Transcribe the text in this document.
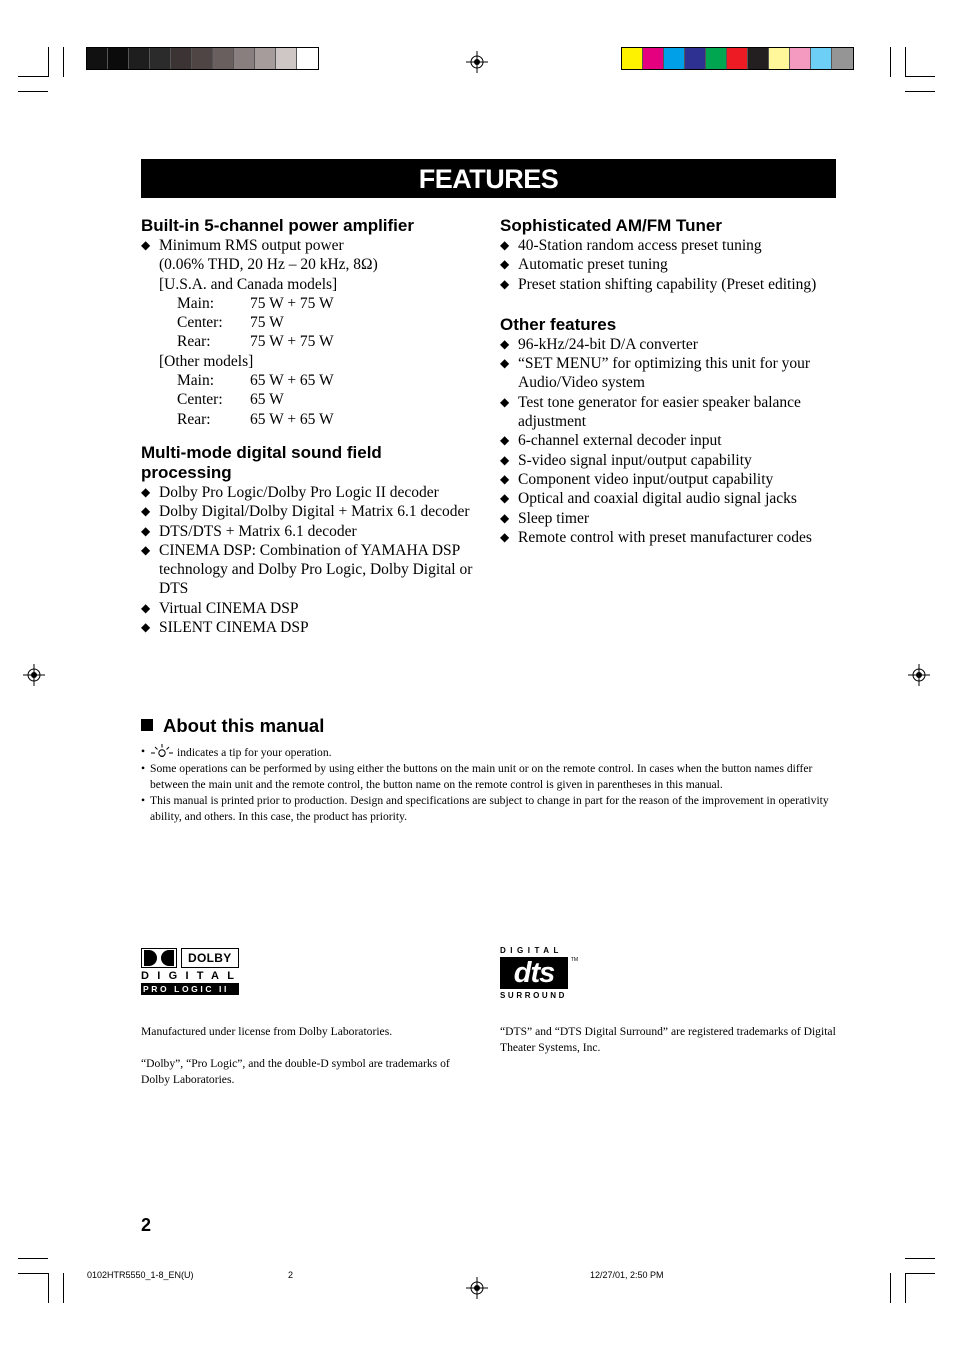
FEATURES
Built-in 5-channel power amplifier
◆ Minimum RMS output power
(0.06% THD, 20 Hz – 20 kHz, 8Ω)
[U.S.A. and Canada models]
Main:	75 W + 75 W
Center:	75 W
Rear:	75 W + 75 W
[Other models]
Main:	65 W + 65 W
Center:	65 W
Rear:	65 W + 65 W
Multi-mode digital sound field processing
◆ Dolby Pro Logic/Dolby Pro Logic II decoder
◆ Dolby Digital/Dolby Digital + Matrix 6.1 decoder
◆ DTS/DTS + Matrix 6.1 decoder
◆ CINEMA DSP: Combination of YAMAHA DSP technology and Dolby Pro Logic, Dolby Digital or DTS
◆ Virtual CINEMA DSP
◆ SILENT CINEMA DSP
Sophisticated AM/FM Tuner
◆ 40-Station random access preset tuning
◆ Automatic preset tuning
◆ Preset station shifting capability (Preset editing)
Other features
◆ 96-kHz/24-bit D/A converter
◆ “SET MENU” for optimizing this unit for your Audio/Video system
◆ Test tone generator for easier speaker balance adjustment
◆ 6-channel external decoder input
◆ S-video signal input/output capability
◆ Component video input/output capability
◆ Optical and coaxial digital audio signal jacks
◆ Sleep timer
◆ Remote control with preset manufacturer codes
About this manual
•	indicates a tip for your operation.
• Some operations can be performed by using either the buttons on the main unit or on the remote control. In cases when the button names differ between the main unit and the remote control, the button name on the remote control is given in parentheses in this manual.
• This manual is printed prior to production. Design and specifications are subject to change in part for the reason of the improvement in operativity ability, and others. In this case, the product has priority.
DOLBY
DIGITAL
PRO LOGIC II
DIGITAL
dts	TM
SURROUND
Manufactured under license from Dolby Laboratories.
“Dolby”, “Pro Logic”, and the double-D symbol are trademarks of Dolby Laboratories.
“DTS” and “DTS Digital Surround” are registered trademarks of Digital Theater Systems, Inc.
2
0102HTR5550_1-8_EN(U)	2	12/27/01, 2:50 PM
